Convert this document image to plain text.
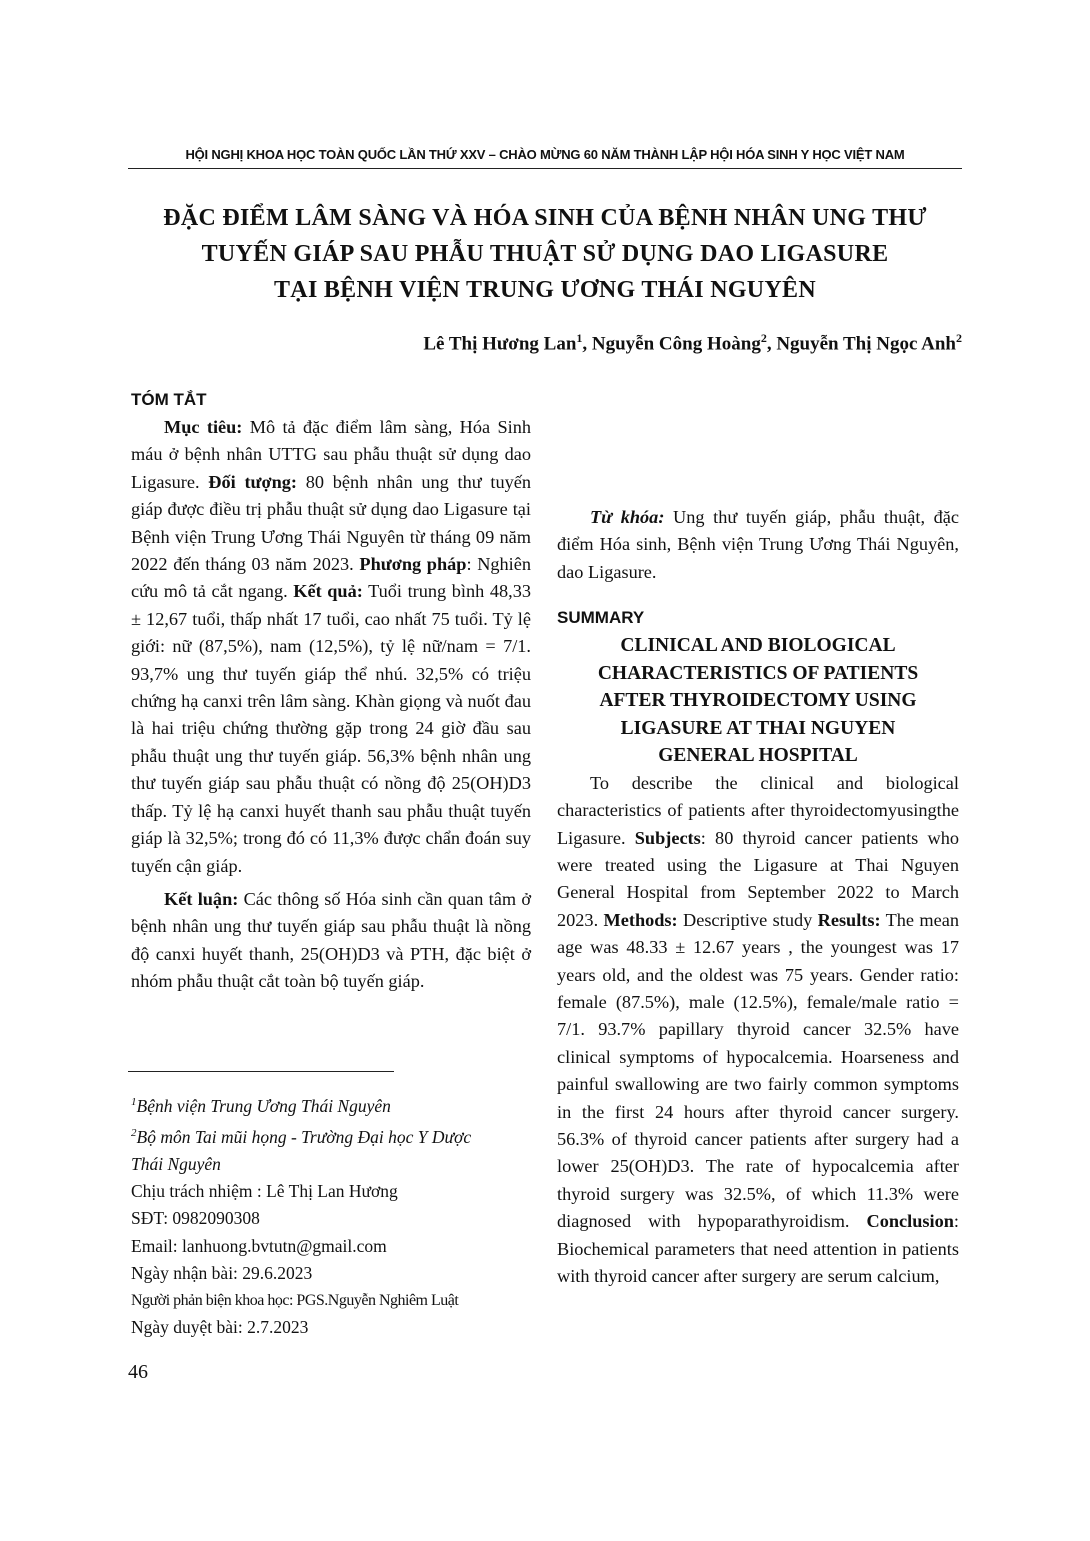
HỘI NGHỊ KHOA HỌC TOÀN QUỐC LẦN THỨ XXV – CHÀO MỪNG 60 NĂM THÀNH LẬP HỘI HÓA SINH Y HỌC VIỆT NAM
ĐẶC ĐIỂM LÂM SÀNG VÀ HÓA SINH CỦA BỆNH NHÂN UNG THƯ
TUYẾN GIÁP SAU PHẪU THUẬT SỬ DỤNG DAO LIGASURE
TẠI BỆNH VIỆN TRUNG ƯƠNG THÁI NGUYÊN
Lê Thị Hương Lan$^1$, Nguyễn Công Hoàng$^2$, Nguyễn Thị Ngọc Anh$^2$
TÓM TẮT

Mục tiêu: Mô tả đặc điểm lâm sàng, Hóa Sinh máu ở bệnh nhân UTTG sau phẫu thuật sử dụng dao Ligasure. Đối tượng: 80 bệnh nhân ung thư tuyến giáp được điều trị phẫu thuật sử dụng dao Ligasure tại Bệnh viện Trung Ương Thái Nguyên từ tháng 09 năm 2022 đến tháng 03 năm 2023. Phương pháp: Nghiên cứu mô tả cắt ngang. Kết quả: Tuổi trung bình 48,33 ± 12,67 tuổi, thấp nhất 17 tuổi, cao nhất 75 tuổi. Tỷ lệ giới: nữ (87,5%), nam (12,5%), tỷ lệ nữ/nam = 7/1. 93,7% ung thư tuyến giáp thể nhú. 32,5% có triệu chứng hạ canxi trên lâm sàng. Khàn giọng và nuốt đau là hai triệu chứng thường gặp trong 24 giờ đầu sau phẫu thuật ung thư tuyến giáp. 56,3% bệnh nhân ung thư tuyến giáp sau phẫu thuật có nồng độ 25(OH)D3 thấp. Tỷ lệ hạ canxi huyết thanh sau phẫu thuật tuyến giáp là 32,5%; trong đó có 11,3% được chẩn đoán suy tuyến cận giáp.

Kết luận: Các thông số Hóa sinh cần quan tâm ở bệnh nhân ung thư tuyến giáp sau phẫu thuật là nồng độ canxi huyết thanh, 25(OH)D3 và PTH, đặc biệt ở nhóm phẫu thuật cắt toàn bộ tuyến giáp.

Từ khóa: Ung thư tuyến giáp, phẫu thuật, đặc điểm Hóa sinh, Bệnh viện Trung Ương Thái Nguyên, dao Ligasure.

SUMMARY

CLINICAL AND BIOLOGICAL
CHARACTERISTICS OF PATIENTS
AFTER THYROIDECTOMY USING
LIGASURE AT THAI NGUYEN
GENERAL HOSPITAL

To describe the clinical and biological characteristics of patients after thyroidectomyusingthe Ligasure. Subjects: 80 thyroid cancer patients who were treated using the Ligasure at Thai Nguyen General Hospital from September 2022 to March 2023. Methods: Descriptive study Results: The mean age was 48.33 ± 12.67 years , the youngest was 17 years old, and the oldest was 75 years. Gender ratio: female (87.5%), male (12.5%), female/male ratio = 7/1. 93.7% papillary thyroid cancer 32.5% have clinical symptoms of hypocalcemia. Hoarseness and painful swallowing are two fairly common symptoms in the first 24 hours after thyroid cancer surgery. 56.3% of thyroid cancer patients after surgery had a lower 25(OH)D3. The rate of hypocalcemia after thyroid surgery was 32.5%, of which 11.3% were diagnosed with hypoparathyroidism. Conclusion: Biochemical parameters that need attention in patients with thyroid cancer after surgery are serum calcium,

$^1$Bệnh viện Trung Ương Thái Nguyên
$^2$Bộ môn Tai mũi họng - Trường Đại học Y Dược
Thái Nguyên
Chịu trách nhiệm : Lê Thị Lan Hương
SĐT: 0982090308
Email: lanhuong.bvtutn@gmail.com
Ngày nhận bài: 29.6.2023
Người phản biện khoa học: PGS.Nguyễn Nghiêm Luật
Ngày duyệt bài: 2.7.2023
46
